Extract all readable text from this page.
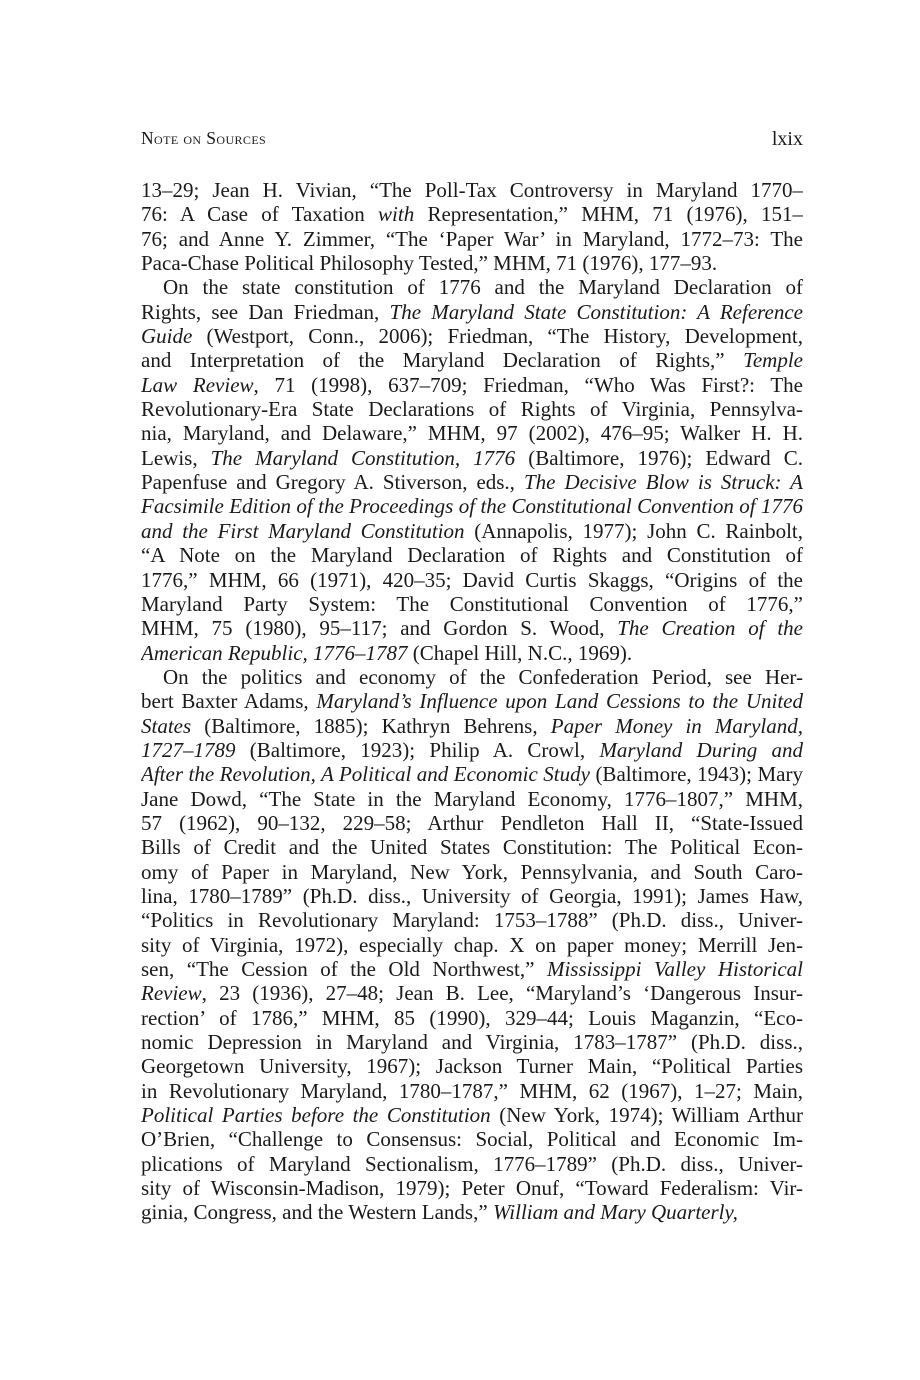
Note on Sources	lxix
13–29; Jean H. Vivian, “The Poll-Tax Controversy in Maryland 1770–
76: A Case of Taxation with Representation,” MHM, 71 (1976), 151–
76; and Anne Y. Zimmer, “The ‘Paper War’ in Maryland, 1772–73: The
Paca-Chase Political Philosophy Tested,” MHM, 71 (1976), 177–93.
On the state constitution of 1776 and the Maryland Declaration of
Rights, see Dan Friedman, The Maryland State Constitution: A Reference
Guide (Westport, Conn., 2006); Friedman, “The History, Development,
and Interpretation of the Maryland Declaration of Rights,” Temple
Law Review, 71 (1998), 637–709; Friedman, “Who Was First?: The
Revolutionary-Era State Declarations of Rights of Virginia, Pennsylva-
nia, Maryland, and Delaware,” MHM, 97 (2002), 476–95; Walker H. H.
Lewis, The Maryland Constitution, 1776 (Baltimore, 1976); Edward C.
Papenfuse and Gregory A. Stiverson, eds., The Decisive Blow is Struck: A
Facsimile Edition of the Proceedings of the Constitutional Convention of 1776
and the First Maryland Constitution (Annapolis, 1977); John C. Rainbolt,
“A Note on the Maryland Declaration of Rights and Constitution of
1776,” MHM, 66 (1971), 420–35; David Curtis Skaggs, “Origins of the
Maryland Party System: The Constitutional Convention of 1776,”
MHM, 75 (1980), 95–117; and Gordon S. Wood, The Creation of the
American Republic, 1776–1787 (Chapel Hill, N.C., 1969).
On the politics and economy of the Confederation Period, see Her-
bert Baxter Adams, Maryland’s Influence upon Land Cessions to the United
States (Baltimore, 1885); Kathryn Behrens, Paper Money in Maryland,
1727–1789 (Baltimore, 1923); Philip A. Crowl, Maryland During and
After the Revolution, A Political and Economic Study (Baltimore, 1943); Mary
Jane Dowd, “The State in the Maryland Economy, 1776–1807,” MHM,
57 (1962), 90–132, 229–58; Arthur Pendleton Hall II, “State-Issued
Bills of Credit and the United States Constitution: The Political Econ-
omy of Paper in Maryland, New York, Pennsylvania, and South Caro-
lina, 1780–1789” (Ph.D. diss., University of Georgia, 1991); James Haw,
“Politics in Revolutionary Maryland: 1753–1788” (Ph.D. diss., Univer-
sity of Virginia, 1972), especially chap. X on paper money; Merrill Jen-
sen, “The Cession of the Old Northwest,” Mississippi Valley Historical
Review, 23 (1936), 27–48; Jean B. Lee, “Maryland’s ‘Dangerous Insur-
rection’ of 1786,” MHM, 85 (1990), 329–44; Louis Maganzin, “Eco-
nomic Depression in Maryland and Virginia, 1783–1787” (Ph.D. diss.,
Georgetown University, 1967); Jackson Turner Main, “Political Parties
in Revolutionary Maryland, 1780–1787,” MHM, 62 (1967), 1–27; Main,
Political Parties before the Constitution (New York, 1974); William Arthur
O’Brien, “Challenge to Consensus: Social, Political and Economic Im-
plications of Maryland Sectionalism, 1776–1789” (Ph.D. diss., Univer-
sity of Wisconsin-Madison, 1979); Peter Onuf, “Toward Federalism: Vir-
ginia, Congress, and the Western Lands,” William and Mary Quarterly,
